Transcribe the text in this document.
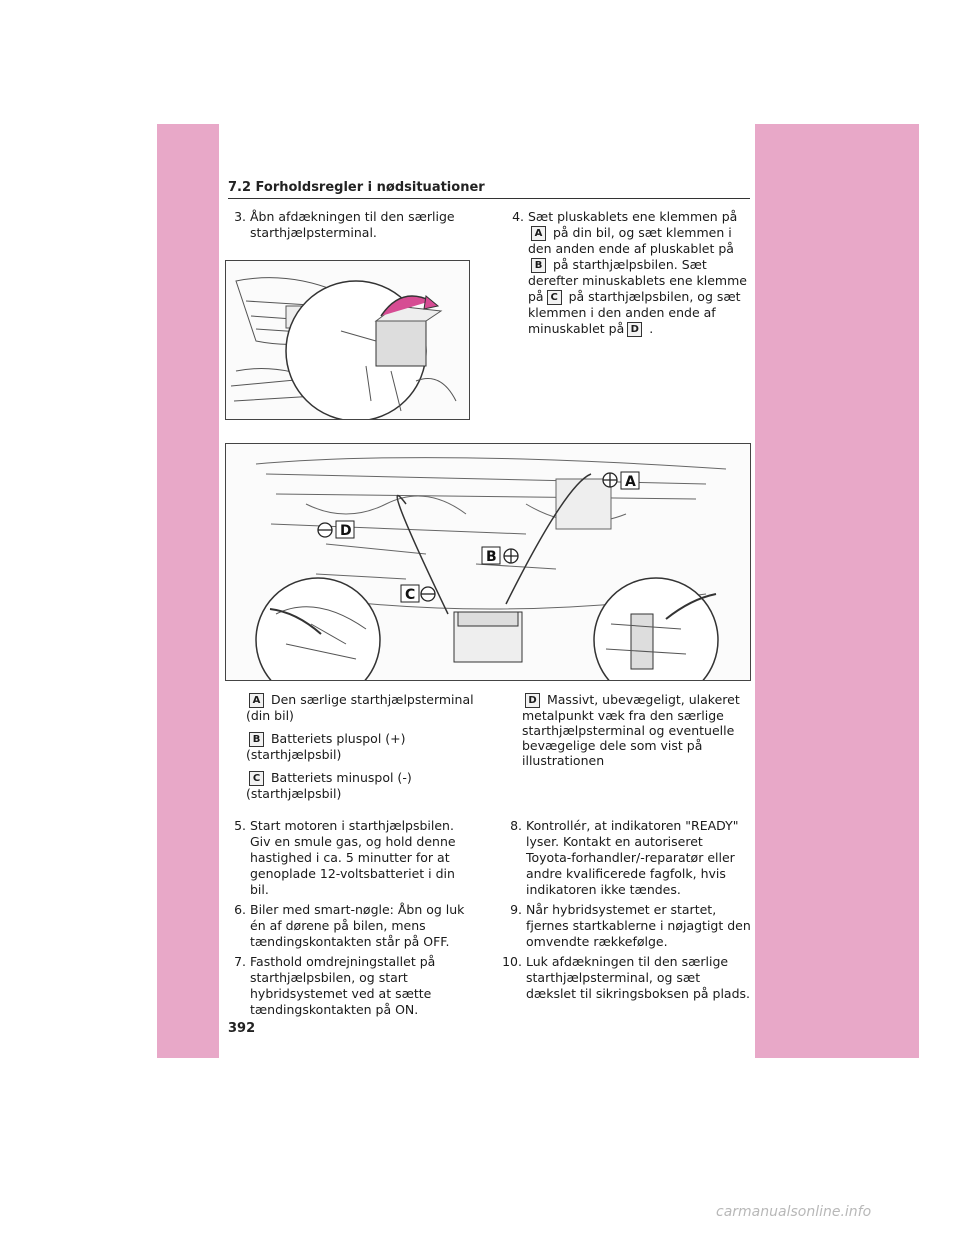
7.2 Forholdsregler i nødsituationer
3. Åbn afdækningen til den særlige starthjælpsterminal.
4. Sæt pluskablets ene klemmen påA på din bil, og sæt klemmen i den anden ende af pluskablet påB på starthjælpsbilen. Sæt derefter minuskablets ene klemme på C på starthjælpsbilen, og sæt klemmen i den anden ende af minuskablet på D .
A
D
B
C
A Den særlige starthjælpsterminal (din bil)
B Batteriets pluspol (+) (starthjælpsbil)
C Batteriets minuspol (-) (starthjælpsbil)
D Massivt, ubevægeligt, ulakeret metalpunkt væk fra den særlige starthjælpsterminal og eventuelle bevægelige dele som vist på illustrationen
5. Start motoren i starthjælpsbilen. Giv en smule gas, og hold denne hastighed i ca. 5 minutter for at genoplade 12-voltsbatteriet i din bil.
6. Biler med smart-nøgle: Åbn og luk én af dørene på bilen, mens tændingskontakten står på OFF.
7. Fasthold omdrejningstallet på starthjælpsbilen, og start hybridsystemet ved at sætte tændingskontakten på ON.
8. Kontrollér, at indikatoren "READY" lyser. Kontakt en autoriseret Toyota-forhandler/-reparatør eller andre kvalificerede fagfolk, hvis indikatoren ikke tændes.
9. Når hybridsystemet er startet, fjernes startkablerne i nøjagtigt den omvendte rækkefølge.
10. Luk afdækningen til den særlige starthjælpsterminal, og sæt dækslet til sikringsboksen på plads.
392
carmanualsonline.info
